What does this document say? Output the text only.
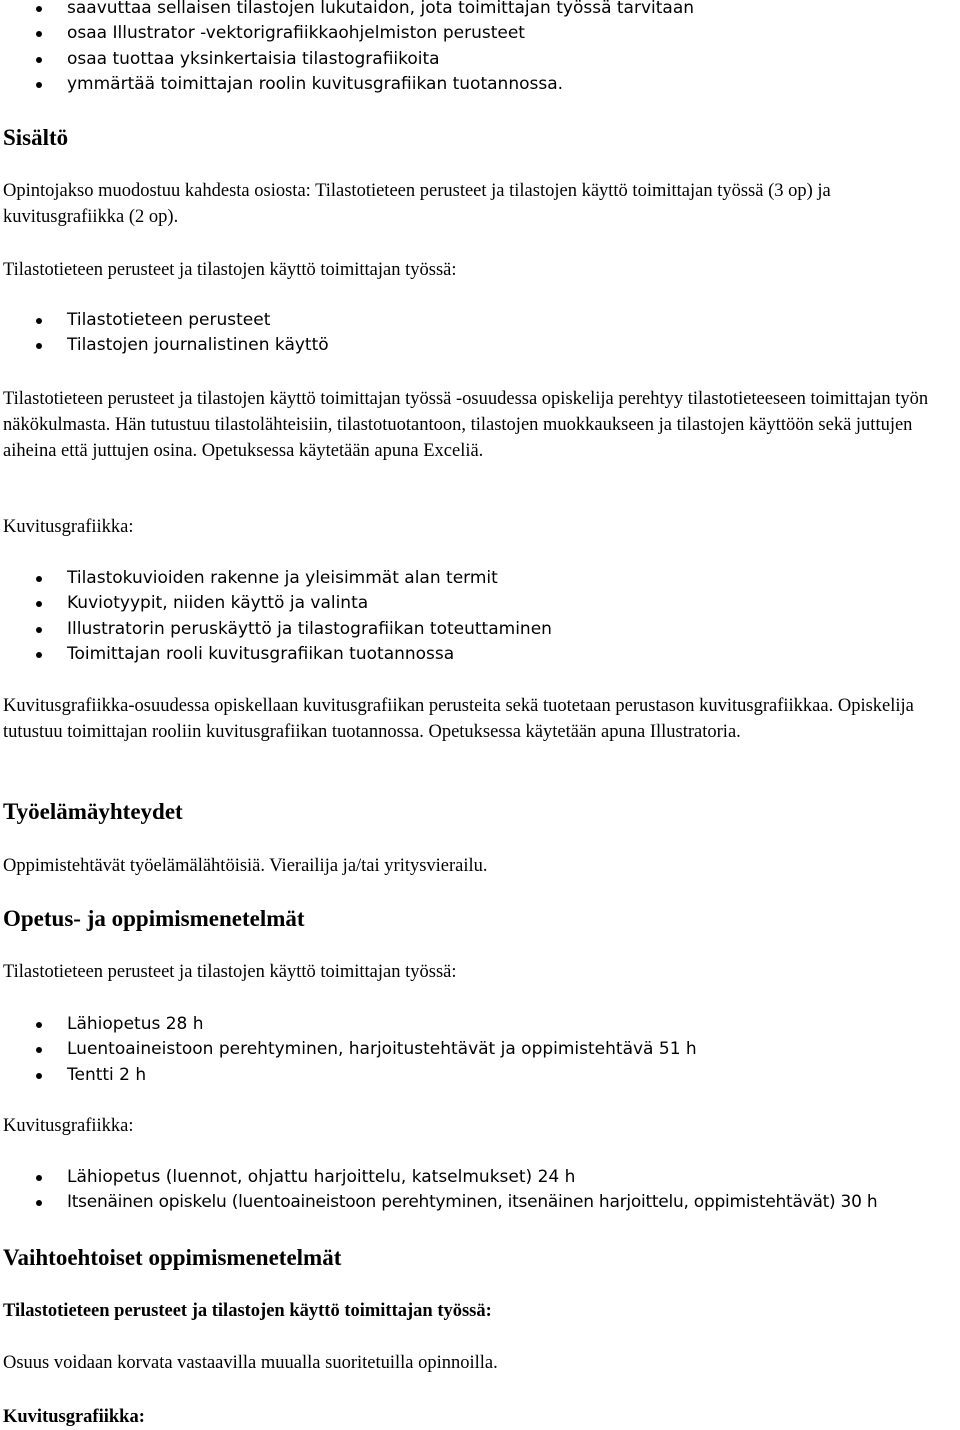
saavuttaa sellaisen tilastojen lukutaidon, jota toimittajan työssä tarvitaan
osaa Illustrator -vektorigrafiikkaohjelmiston perusteet
osaa tuottaa yksinkertaisia tilastografiikoita
ymmärtää toimittajan roolin kuvitusgrafiikan tuotannossa.
Sisältö

Opintojakso muodostuu kahdesta osiosta: Tilastotieteen perusteet ja tilastojen käyttö toimittajan työssä (3 op) ja kuvitusgrafiikka (2 op).

Tilastotieteen perusteet ja tilastojen käyttö toimittajan työssä:

Tilastotieteen perusteet
Tilastojen journalistinen käyttö

Tilastotieteen perusteet ja tilastojen käyttö toimittajan työssä -osuudessa opiskelija perehtyy tilastotieteeseen toimittajan työn näkökulmasta. Hän tutustuu tilastolähteisiin, tilastotuotantoon, tilastojen muokkaukseen ja tilastojen käyttöön sekä juttujen aiheina että juttujen osina. Opetuksessa käytetään apuna Exceliä.

Kuvitusgrafiikka:

Tilastokuvioiden rakenne ja yleisimmät alan termit
Kuviotyypit, niiden käyttö ja valinta
Illustratorin peruskäyttö ja tilastografiikan toteuttaminen
Toimittajan rooli kuvitusgrafiikan tuotannossa

Kuvitusgrafiikka-osuudessa opiskellaan kuvitusgrafiikan perusteita sekä tuotetaan perustason kuvitusgrafiikkaa. Opiskelija tutustuu toimittajan rooliin kuvitusgrafiikan tuotannossa. Opetuksessa käytetään apuna Illustratoria.

Työelämäyhteydet

Oppimistehtävät työelämälähtöisiä. Vierailija ja/tai yritysvierailu.

Opetus- ja oppimismenetelmät

Tilastotieteen perusteet ja tilastojen käyttö toimittajan työssä:

Lähiopetus 28 h
Luentoaineistoon perehtyminen, harjoitustehtävät ja oppimistehtävä 51 h
Tentti 2 h

Kuvitusgrafiikka:

Lähiopetus (luennot, ohjattu harjoittelu, katselmukset) 24 h
Itsenäinen opiskelu (luentoaineistoon perehtyminen, itsenäinen harjoittelu, oppimistehtävät) 30 h
Vaihtoehtoiset oppimismenetelmät

Tilastotieteen perusteet ja tilastojen käyttö toimittajan työssä:

Osuus voidaan korvata vastaavilla muualla suoritetuilla opinnoilla.

Kuvitusgrafiikka:
